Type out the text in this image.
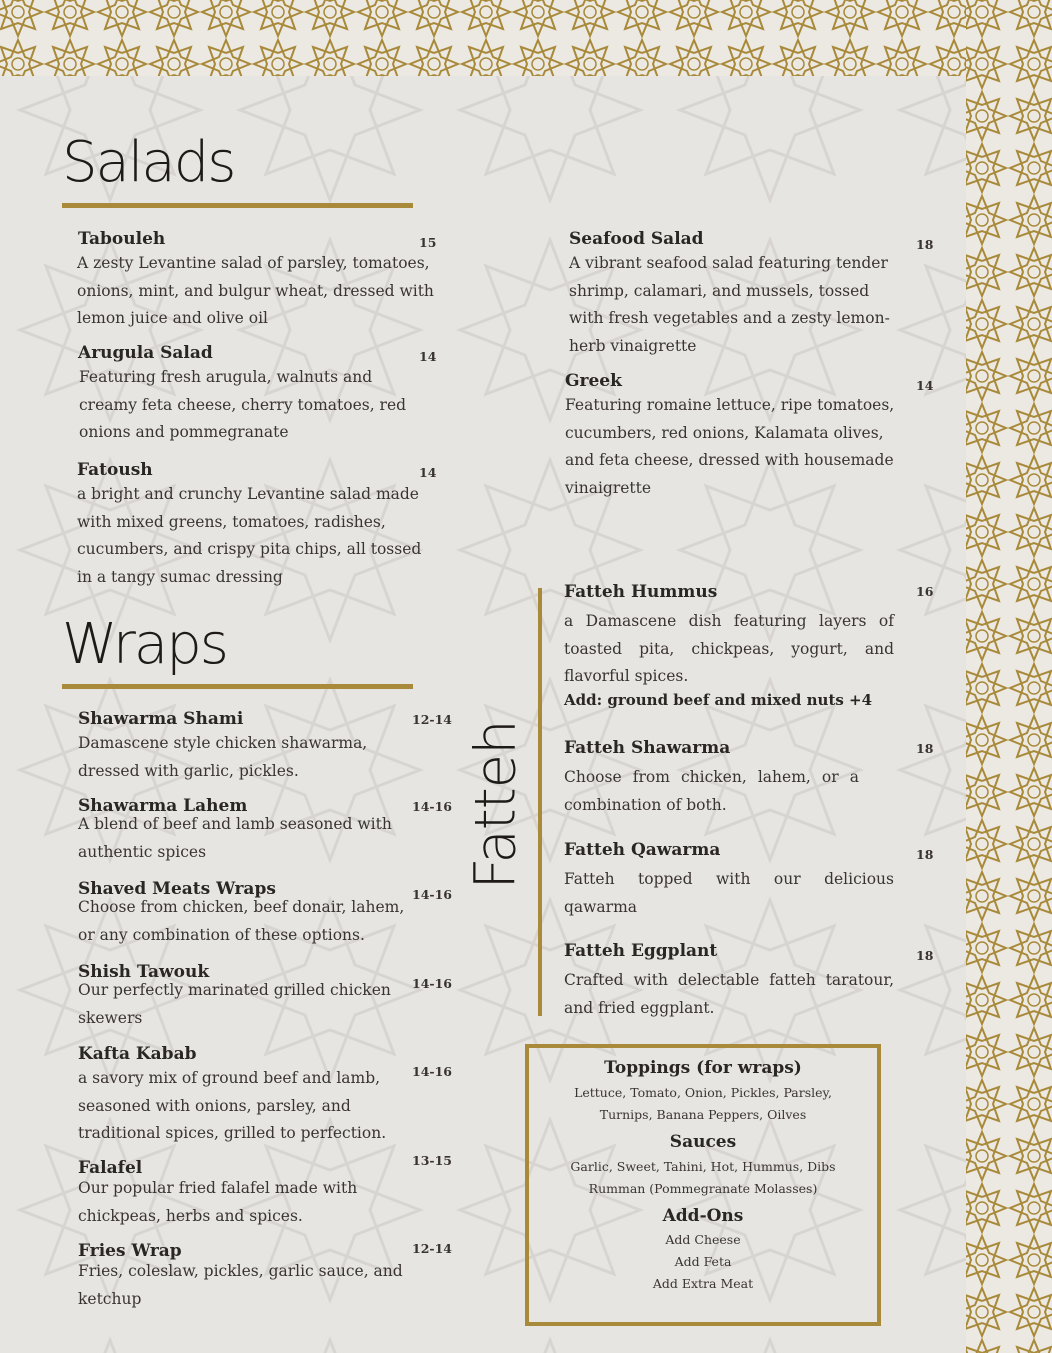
Salads
Tabouleh
A zesty Levantine salad of parsley, tomatoes, onions, mint, and bulgur wheat, dressed with lemon juice and olive oil
15
Arugula Salad
Featuring fresh arugula, walnuts and creamy feta cheese, cherry tomatoes, red onions and pommegranate
14
Fatoush
a bright and crunchy Levantine salad made with mixed greens, tomatoes, radishes, cucumbers, and crispy pita chips, all tossed in a tangy sumac dressing
14
Seafood Salad
A vibrant seafood salad featuring tender shrimp, calamari, and mussels, tossed with fresh vegetables and a zesty lemon-herb vinaigrette
18
Greek
Featuring romaine lettuce, ripe tomatoes, cucumbers, red onions, Kalamata olives, and feta cheese, dressed with housemade vinaigrette
14
Wraps
Shawarma Shami
Damascene style chicken shawarma, dressed with garlic, pickles.
12-14
Shawarma Lahem
A blend of beef and lamb seasoned with authentic spices
14-16
Shaved Meats Wraps
Choose from chicken, beef donair, lahem, or any combination of these options.
14-16
Shish Tawouk
Our perfectly marinated grilled chicken skewers
14-16
Kafta Kabab
a savory mix of ground beef and lamb, seasoned with onions, parsley, and traditional spices, grilled to perfection.
14-16
Falafel
Our popular fried falafel made with chickpeas, herbs and spices.
13-15
Fries Wrap
Fries, coleslaw, pickles, garlic sauce, and ketchup
12-14
Fatteh
Fatteh Hummus
a Damascene dish featuring layers of toasted pita, chickpeas, yogurt, and flavorful spices.
Add: ground beef and mixed nuts +4
16
Fatteh Shawarma
Choose from chicken, lahem, or a combination of both.
18
Fatteh Qawarma
Fatteh topped with our delicious qawarma
18
Fatteh Eggplant
Crafted with delectable fatteh taratour, and fried eggplant.
18
Toppings (for wraps)
Lettuce, Tomato, Onion, Pickles, Parsley,
Turnips, Banana Peppers, Oilves
Sauces
Garlic, Sweet, Tahini, Hot, Hummus, Dibs
Rumman (Pommegranate Molasses)
Add-Ons
Add Cheese
Add Feta
Add Extra Meat
